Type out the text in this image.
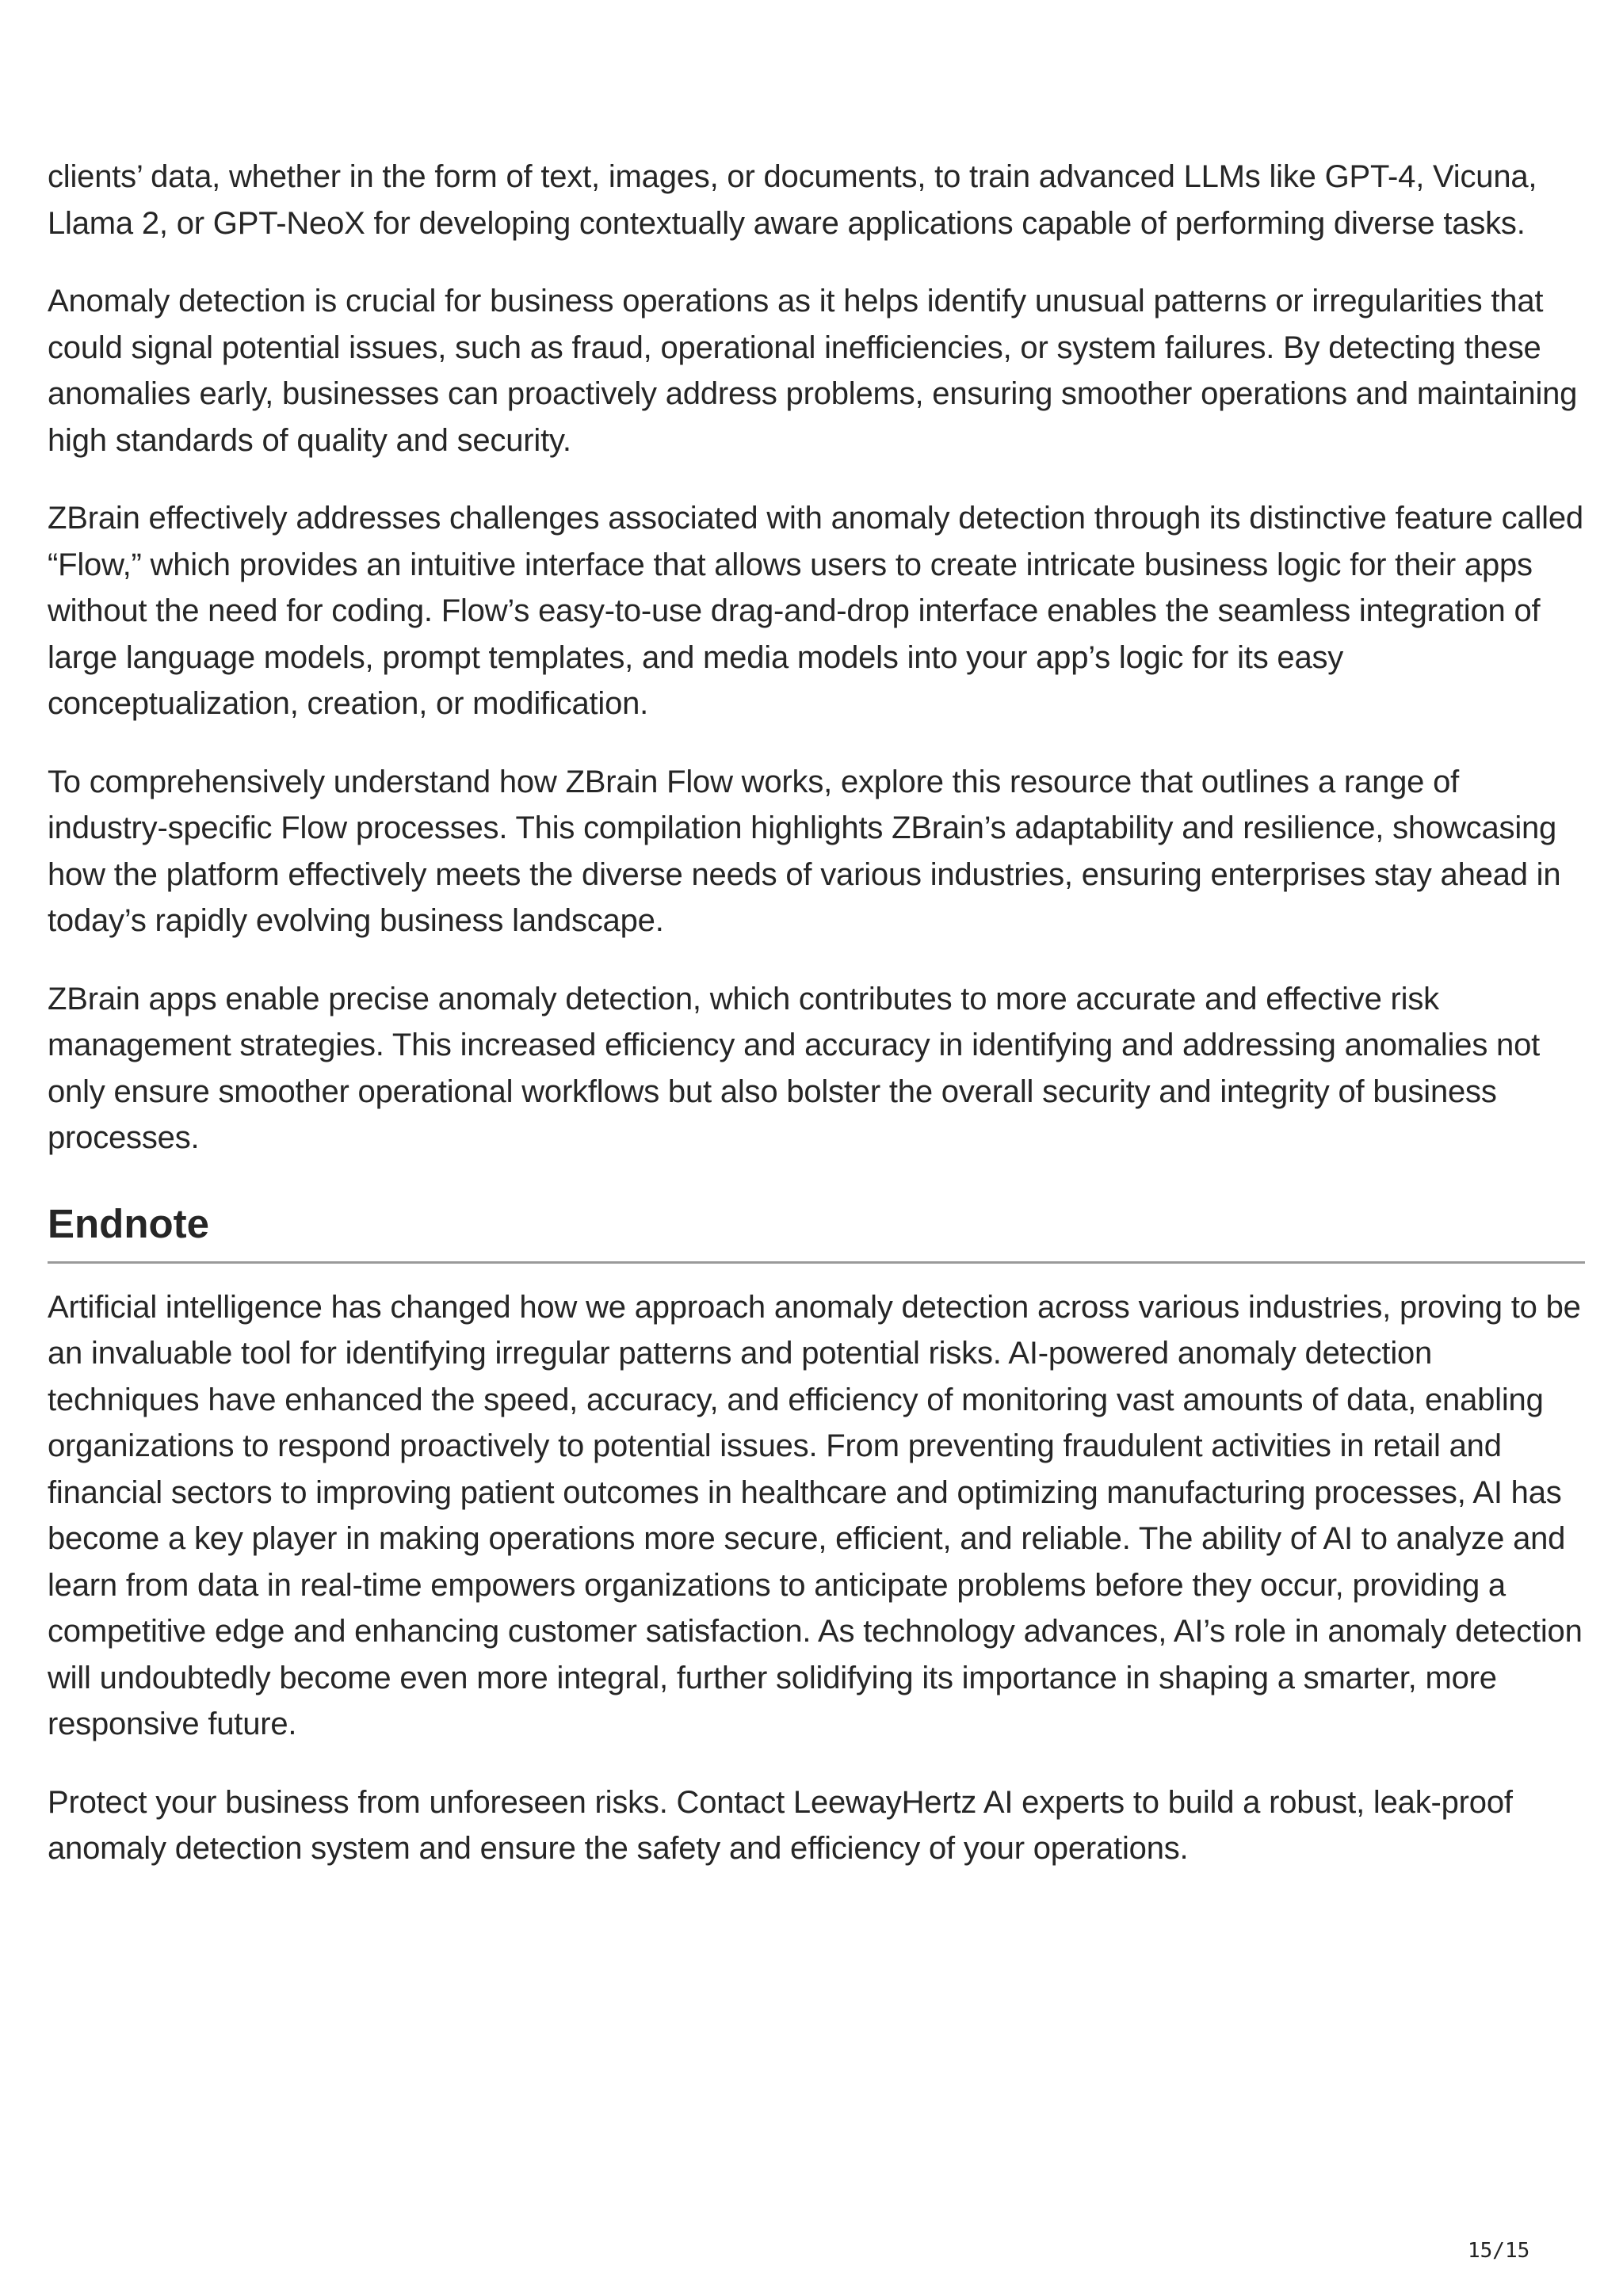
clients’ data, whether in the form of text, images, or documents, to train advanced LLMs like GPT-4, Vicuna, Llama 2, or GPT-NeoX for developing contextually aware applications capable of performing diverse tasks.

Anomaly detection is crucial for business operations as it helps identify unusual patterns or irregularities that could signal potential issues, such as fraud, operational inefficiencies, or system failures. By detecting these anomalies early, businesses can proactively address problems, ensuring smoother operations and maintaining high standards of quality and security.

ZBrain effectively addresses challenges associated with anomaly detection through its distinctive feature called “Flow,” which provides an intuitive interface that allows users to create intricate business logic for their apps without the need for coding. Flow’s easy-to-use drag-and-drop interface enables the seamless integration of large language models, prompt templates, and media models into your app’s logic for its easy conceptualization, creation, or modification.

To comprehensively understand how ZBrain Flow works, explore this resource that outlines a range of industry-specific Flow processes. This compilation highlights ZBrain’s adaptability and resilience, showcasing how the platform effectively meets the diverse needs of various industries, ensuring enterprises stay ahead in today’s rapidly evolving business landscape.

ZBrain apps enable precise anomaly detection, which contributes to more accurate and effective risk management strategies. This increased efficiency and accuracy in identifying and addressing anomalies not only ensure smoother operational workflows but also bolster the overall security and integrity of business processes.

Endnote

Artificial intelligence has changed how we approach anomaly detection across various industries, proving to be an invaluable tool for identifying irregular patterns and potential risks. AI-powered anomaly detection techniques have enhanced the speed, accuracy, and efficiency of monitoring vast amounts of data, enabling organizations to respond proactively to potential issues. From preventing fraudulent activities in retail and financial sectors to improving patient outcomes in healthcare and optimizing manufacturing processes, AI has become a key player in making operations more secure, efficient, and reliable. The ability of AI to analyze and learn from data in real-time empowers organizations to anticipate problems before they occur, providing a competitive edge and enhancing customer satisfaction. As technology advances, AI’s role in anomaly detection will undoubtedly become even more integral, further solidifying its importance in shaping a smarter, more responsive future.

Protect your business from unforeseen risks. Contact LeewayHertz AI experts to build a robust, leak-proof anomaly detection system and ensure the safety and efficiency of your operations.

15/15
